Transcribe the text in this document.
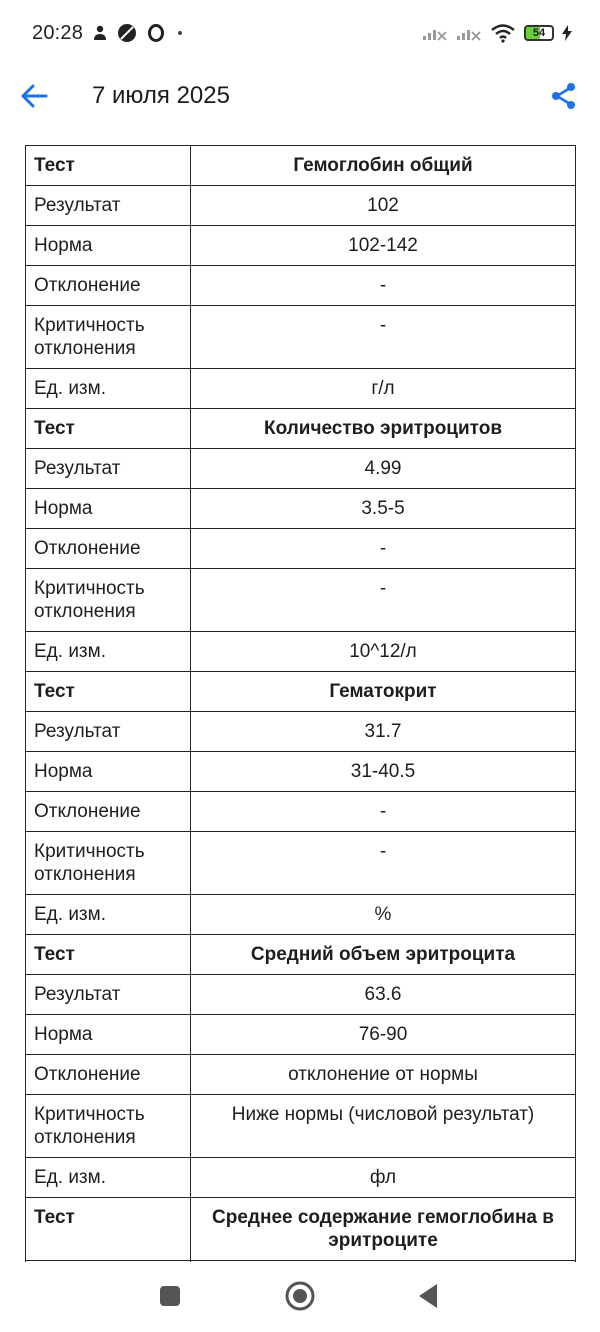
20:28	54
7 июля 2025
Тест	Гемоглобин общий
Результат	102
Норма	102-142
Отклонение	-
Критичность отклонения	-
Ед. изм.	г/л
Тест	Количество эритроцитов
Результат	4.99
Норма	3.5-5
Отклонение	-
Критичность отклонения	-
Ед. изм.	10^12/л
Тест	Гематокрит
Результат	31.7
Норма	31-40.5
Отклонение	-
Критичность отклонения	-
Ед. изм.	%
Тест	Средний объем эритроцита
Результат	63.6
Норма	76-90
Отклонение	отклонение от нормы
Критичность отклонения	Ниже нормы (числовой результат)
Ед. изм.	фл
Тест	Среднее содержание гемоглобина в эритроците
